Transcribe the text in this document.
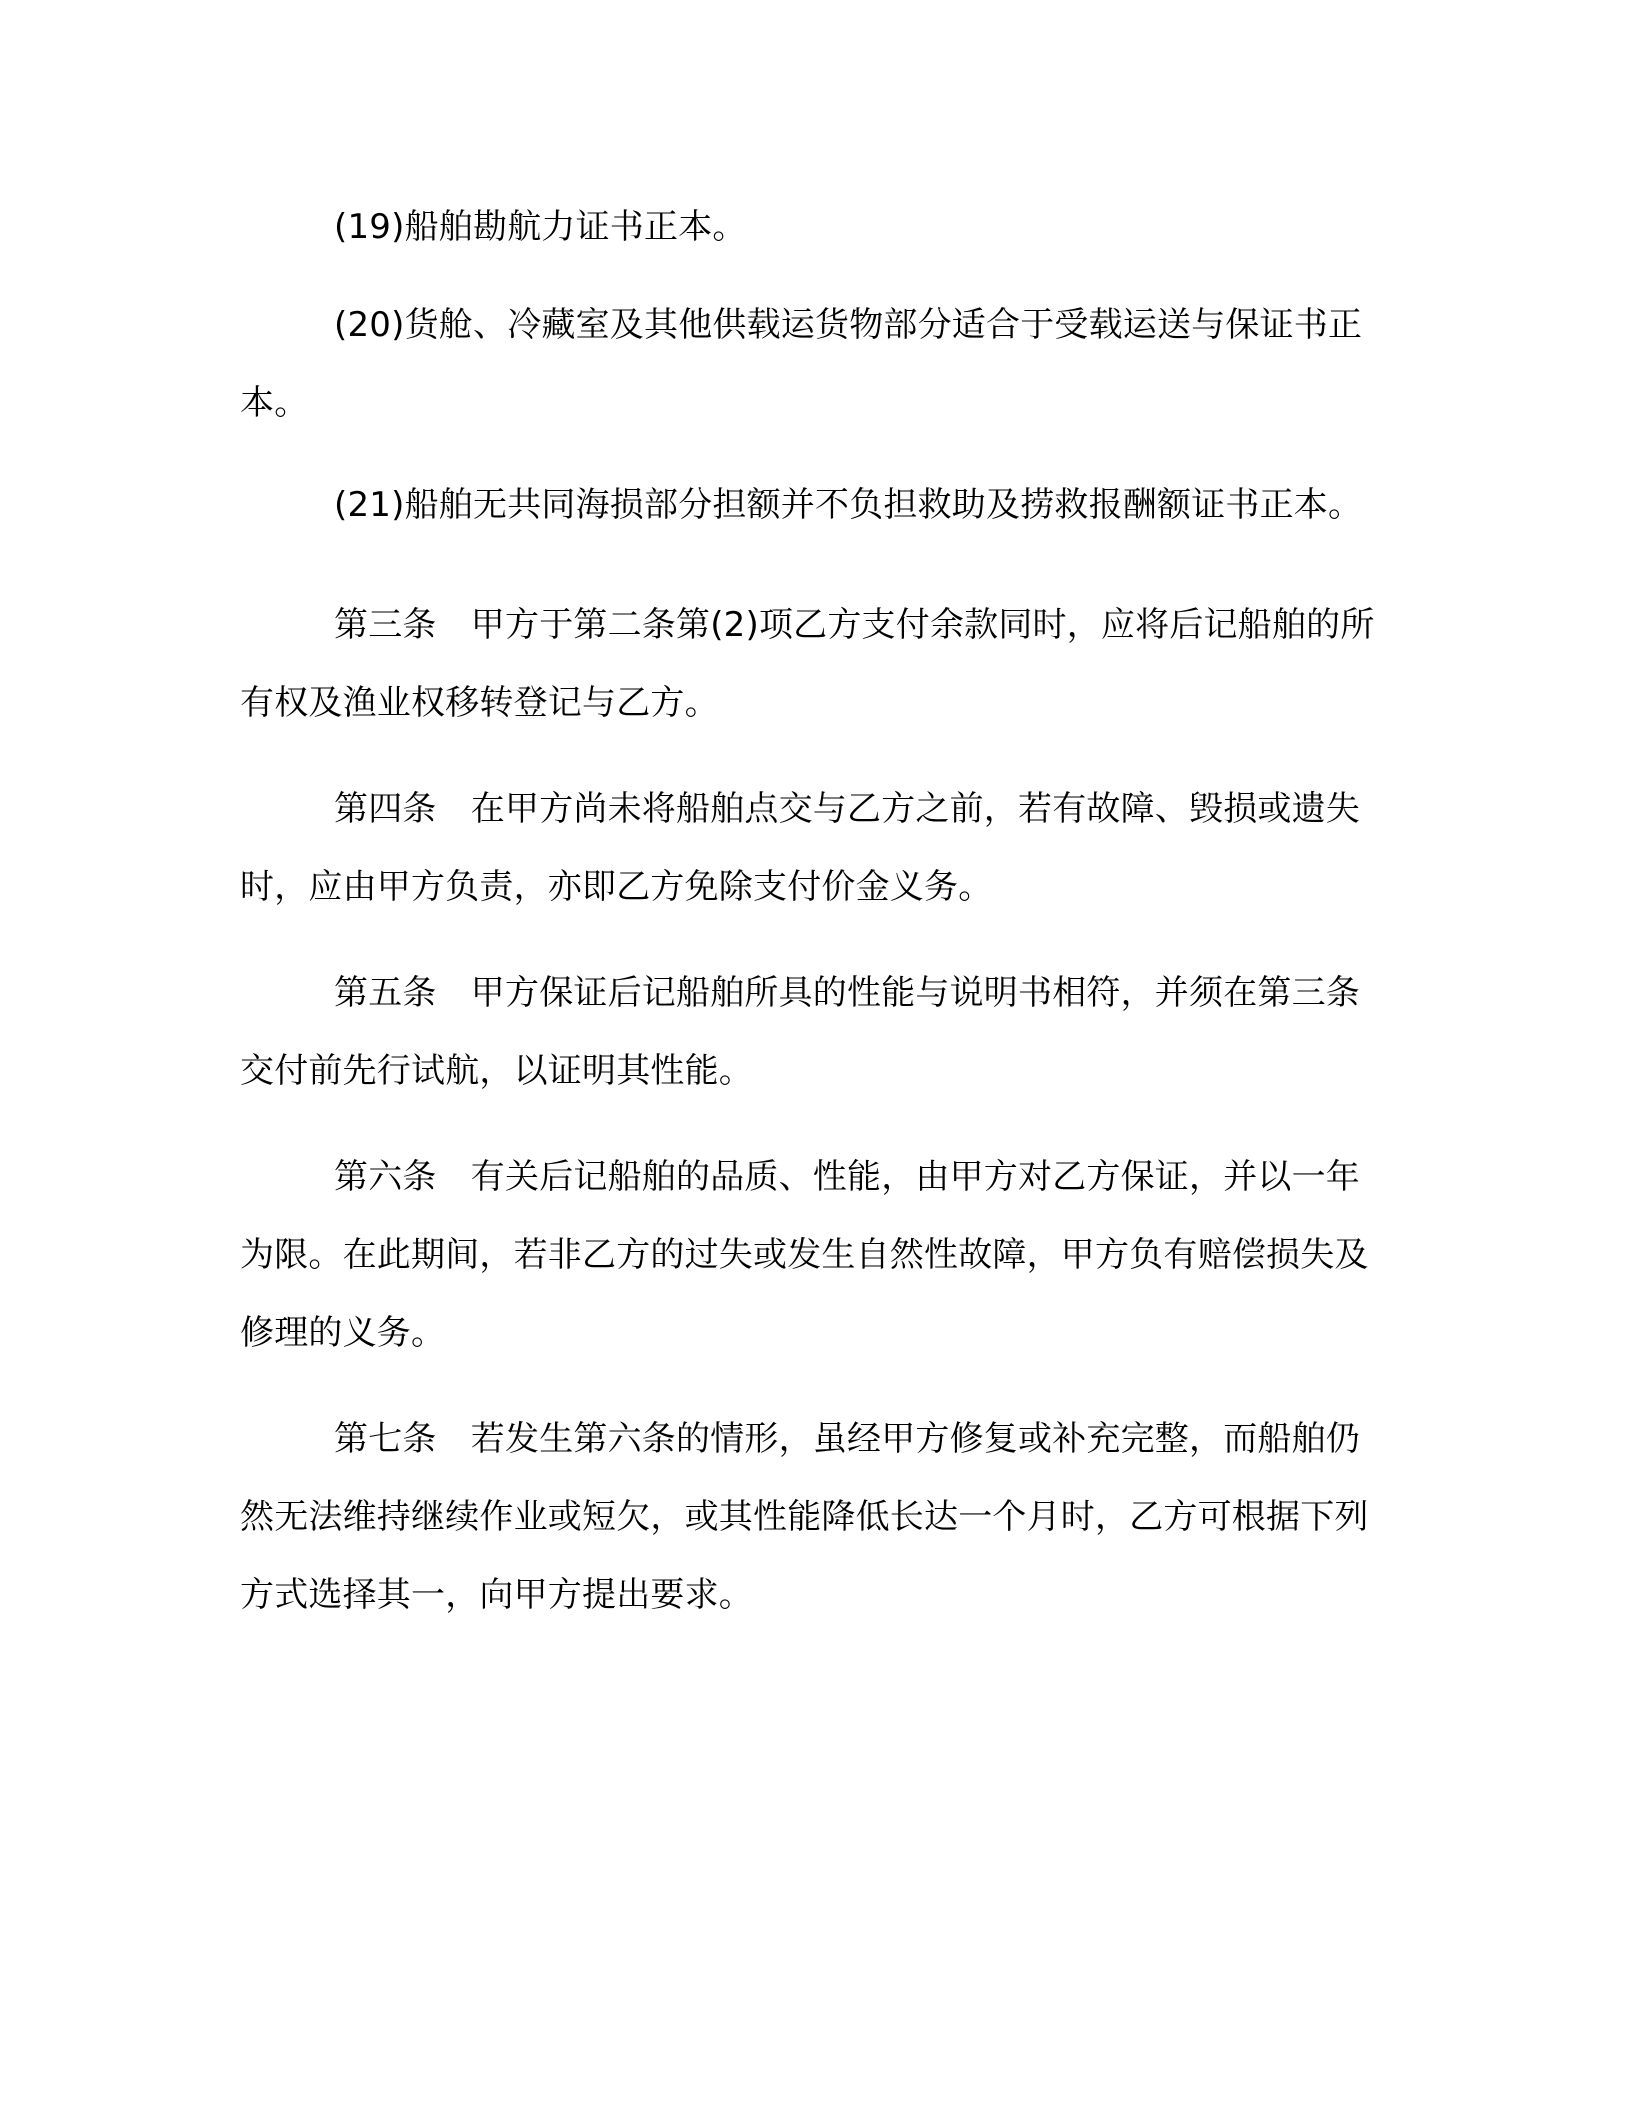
(19)船舶勘航力证书正本。

(20)货舱、冷藏室及其他供载运货物部分适合于受载运送与保证书正本。

(21)船舶无共同海损部分担额并不负担救助及捞救报酬额证书正本。

第三条　甲方于第二条第(2)项乙方支付余款同时，应将后记船舶的所有权及渔业权移转登记与乙方。

第四条　在甲方尚未将船舶点交与乙方之前，若有故障、毁损或遗失时，应由甲方负责，亦即乙方免除支付价金义务。

第五条　甲方保证后记船舶所具的性能与说明书相符，并须在第三条交付前先行试航，以证明其性能。

第六条　有关后记船舶的品质、性能，由甲方对乙方保证，并以一年为限。在此期间，若非乙方的过失或发生自然性故障，甲方负有赔偿损失及修理的义务。

第七条　若发生第六条的情形，虽经甲方修复或补充完整，而船舶仍然无法维持继续作业或短欠，或其性能降低长达一个月时，乙方可根据下列方式选择其一，向甲方提出要求。
